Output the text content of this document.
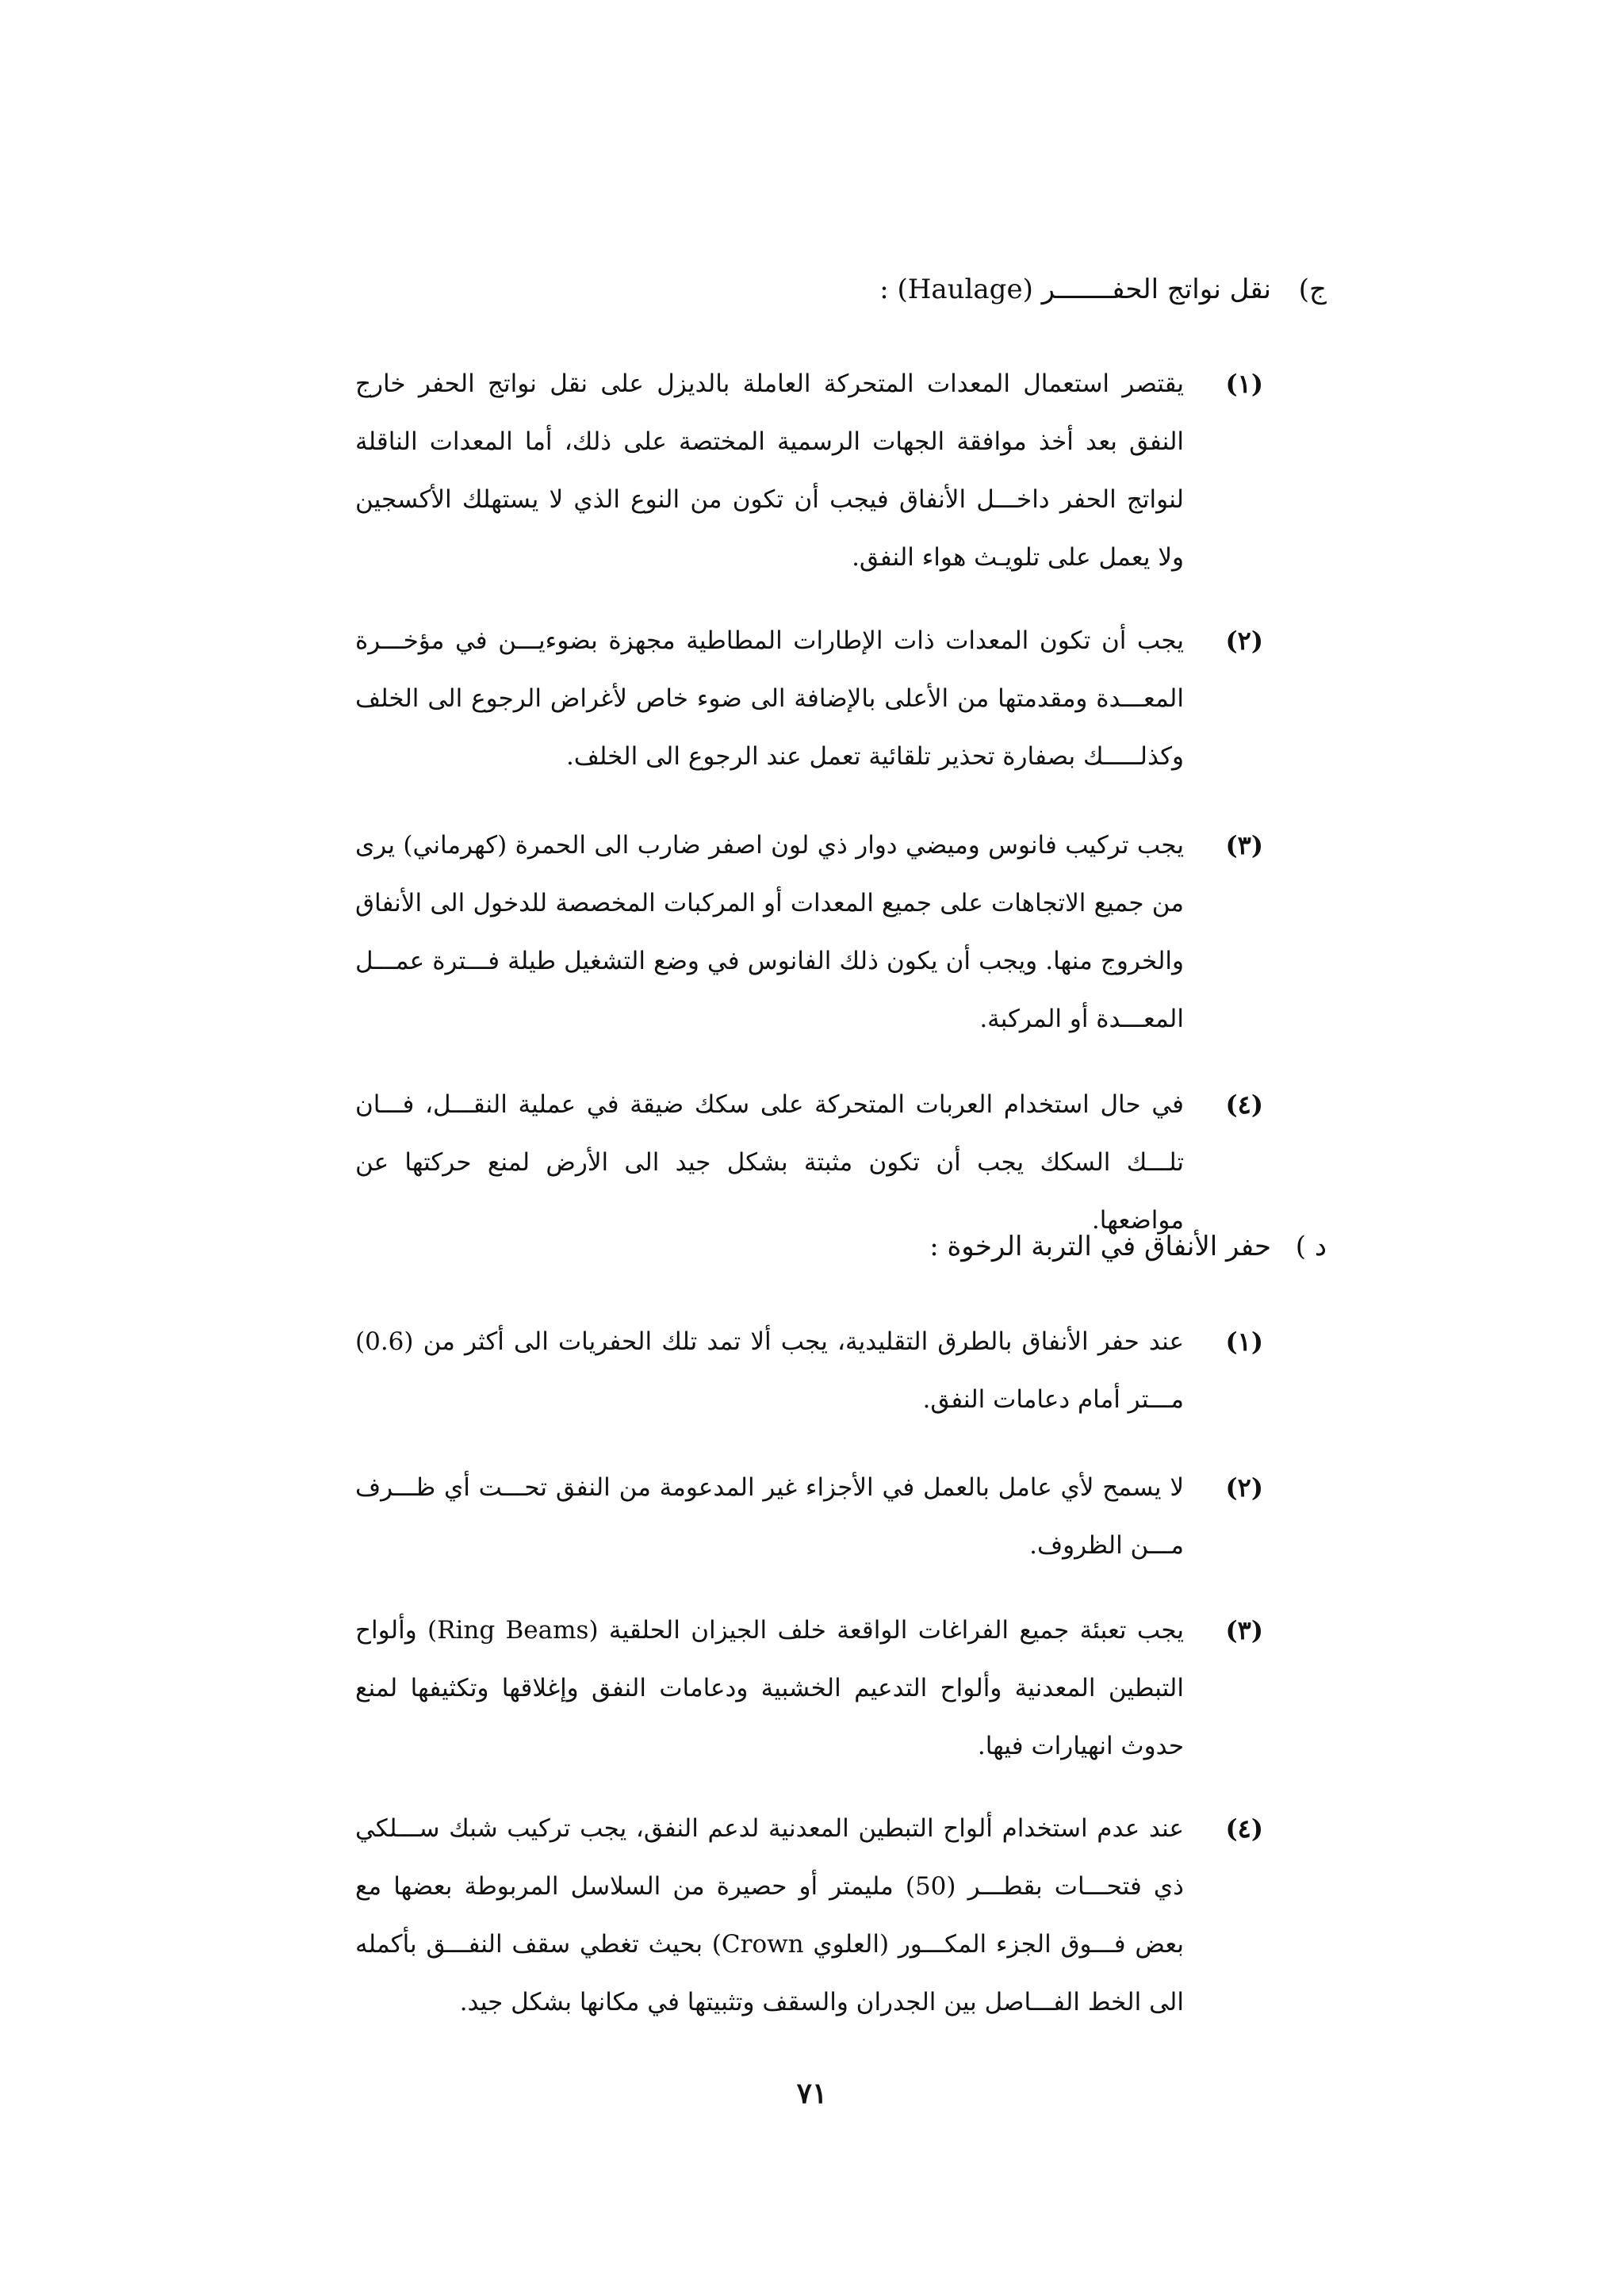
ج)
نقل نواتج الحفـــــــر (Haulage) :
(١)
يقتصر استعمال المعدات المتحركة العاملة بالديزل على نقل نواتج الحفر خارج النفق بعد أخذ موافقة الجهات الرسمية المختصة على ذلك، أما المعدات الناقلة لنواتج الحفر داخـــل الأنفاق فيجب أن تكون من النوع الذي لا يستهلك الأكسجين ولا يعمل على تلويـث هواء النفق.
(٢)
يجب أن تكون المعدات ذات الإطارات المطاطية مجهزة بضوءيـــن في مؤخـــرة المعـــدة ومقدمتها من الأعلى بالإضافة الى ضوء خاص لأغراض الرجوع الى الخلف وكذلـــــك بصفارة تحذير تلقائية تعمل عند الرجوع الى الخلف.
(٣)
يجب تركيب فانوس وميضي دوار ذي لون اصفر ضارب الى الحمرة (كهرماني) يرى من جميع الاتجاهات على جميع المعدات أو المركبات المخصصة للدخول الى الأنفاق والخروج منها. ويجب أن يكون ذلك الفانوس في وضع التشغيل طيلة فـــترة عمـــل المعـــدة أو المركبة.
(٤)
في حال استخدام العربات المتحركة على سكك ضيقة في عملية النقـــل، فـــان تلـــك السكك يجب أن تكون مثبتة بشكل جيد الى الأرض لمنع حركتها عن مواضعها.
د )
حفر الأنفاق في التربة الرخوة :
(١)
عند حفر الأنفاق بالطرق التقليدية، يجب ألا تمد تلك الحفريات الى أكثر من (0.6) مـــتر أمام دعامات النفق.
(٢)
لا يسمح لأي عامل بالعمل في الأجزاء غير المدعومة من النفق تحـــت أي ظـــرف مـــن الظروف.
(٣)
يجب تعبئة جميع الفراغات الواقعة خلف الجيزان الحلقية (Ring Beams) وألواح التبطين المعدنية وألواح التدعيم الخشبية ودعامات النفق وإغلاقها وتكثيفها لمنع حدوث انهيارات فيها.
(٤)
عند عدم استخدام ألواح التبطين المعدنية لدعم النفق، يجب تركيب شبك ســـلكي ذي فتحـــات بقطـــر (50) مليمتر أو حصيرة من السلاسل المربوطة بعضها مع بعض فـــوق الجزء المكـــور (العلوي Crown) بحيث تغطي سقف النفـــق بأكمله الى الخط الفـــاصل بين الجدران والسقف وتثبيتها في مكانها بشكل جيد.
٧١
